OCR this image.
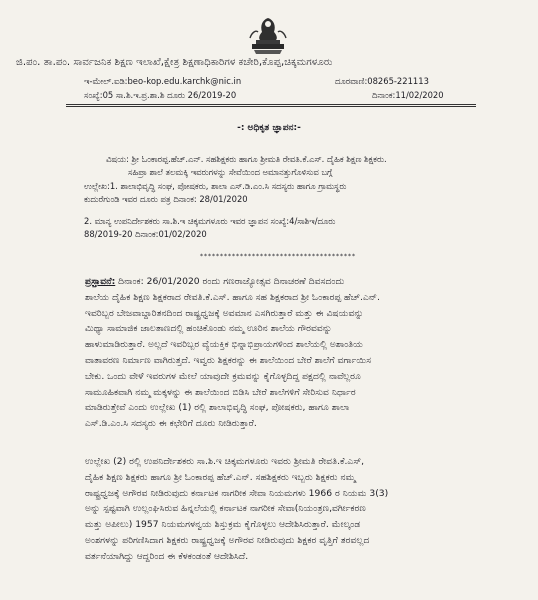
ಜಿ.ಪಂ. ತಾ.ಪಂ. ಸಾರ್ವಜನಿಕ ಶಿಕ್ಷಣ ಇಲಾಖೆ,ಕ್ಷೇತ್ರ ಶಿಕ್ಷಣಾಧಿಕಾರಿಗಳ ಕಚೇರಿ,ಕೊಪ್ಪ,ಚಿಕ್ಕಮಗಳೂರು
ಇ-ಮೇಲ್.ಐಡಿ:beo-kop.edu.karchk@nic.in	ದೂರವಾಣಿ:08265-221113
ಸಂಖ್ಯೆ:05 ಸಾ.ಶಿ.ಇ.ಪ್ರ.ಶಾ.ಶಿ ದೂರು 26/2019-20	ದಿನಾಂಕ:11/02/2020
-: ಅಧಿಕೃತ ಜ್ಞಾಪನ:-
ವಿಷಯ: ಶ್ರೀ ಓಂಕಾರಪ್ಪ.ಹೆಚ್.ಎನ್. ಸಹಶಿಕ್ಷಕರು ಹಾಗೂ ಶ್ರೀಮತಿ ರೇವತಿ.ಕೆ.ಎಸ್. ದೈಹಿಕ ಶಿಕ್ಷಣ ಶಿಕ್ಷಕರು.
ಸಹಿಪ್ರಾ ಶಾಲೆ ತಲಮಕ್ಕಿ ಇವರುಗಳನ್ನು ಸೇವೆಯಿಂದ ಅಮಾನತ್ತುಗೊಳಿಸುವ ಬಗ್ಗೆ
ಉಲ್ಲೇಖ:1. ಶಾಲಾಭಿವೃದ್ಧಿ ಸಂಘ, ಪೋಷಕರು, ಶಾಲಾ ಎಸ್.ಡಿ.ಎಂ.ಸಿ ಸದಸ್ಯರು ಹಾಗೂ ಗ್ರಾಮಸ್ಥರು
ಕುದುರೆಗುಂಡಿ ಇವರ ದೂರು ಪತ್ರ ದಿನಾಂಕ: 28/01/2020
2. ಮಾನ್ಯ ಉಪನಿರ್ದೇಶಕರು ಸಾ.ಶಿ.ಇ ಚಿಕ್ಕಮಗಳೂರು ಇವರ ಜ್ಞಾಪನ ಸಂಖ್ಯೆ:4/ಸಾಶಿಇ/ದೂರು
88/2019-20 ದಿನಾಂಕ:01/02/2020
***************************************
ಪ್ರಸ್ತಾವನೆ: ದಿನಾಂಕ: 26/01/2020 ರಂದು ಗಣರಾಜ್ಯೋತ್ಸವ ದಿನಾಚರಣೆ ದಿವಸದಂದು
ಶಾಲೆಯ ದೈಹಿಕ ಶಿಕ್ಷಣ ಶಿಕ್ಷಕರಾದ ರೇವತಿ.ಕೆ.ಎಸ್. ಹಾಗೂ ಸಹ ಶಿಕ್ಷಕರಾದ ಶ್ರೀ ಓಂಕಾರಪ್ಪ ಹೆಚ್.ಎನ್.
ಇವರಿಬ್ಬರ ಬೇಜವಾಬ್ದಾರಿತನದಿಂದ ರಾಷ್ಟ್ರಧ್ವಜಕ್ಕೆ ಅವಮಾನ ಎಸಗಿರುತ್ತಾರೆ ಮತ್ತು ಈ ವಿಷಯವನ್ನು
ಮಿಥ್ಯಾ ಸಾಮಾಜಿಕ ಜಾಲತಾಣದಲ್ಲಿ ಹಂಚಿಕೊಂಡು ನಮ್ಮ ಊರಿನ ಶಾಲೆಯ ಗೌರವವನ್ನು
ಹಾಳುಮಾಡಿರುತ್ತಾರೆ. ಅಲ್ಲದೆ ಇವರಿಬ್ಬರ ವ್ಯೆಯಕ್ತಿಕ ಭಿನ್ನಾಭಿಪ್ರಾಯಗಳಿಂದ ಶಾಲೆಯಲ್ಲಿ ಅಶಾಂತಿಯ
ವಾತಾವರಣ ನಿರ್ಮಾಣ ವಾಗಿರುತ್ತದೆ. ಇವ್ವರು ಶಿಕ್ಷಕರನ್ನು ಈ ಶಾಲೆಯಿಂದ ಬೇರೆ ಶಾಲೆಗೆ ವರ್ಗಾಯಿಸ
ಬೇಕು. ಒಂದು ವೇಳೆ ಇವರುಗಳ ಮೇಲೆ ಯಾವುದೇ ಕ್ರಮವನ್ನು ಕೈಗೊಳ್ಳದಿದ್ದ ಪಕ್ಷದಲ್ಲಿ ನಾವೆಲ್ಲರೂ
ಸಾಮೂಹಿಕವಾಗಿ ನಮ್ಮ ಮಕ್ಕಳನ್ನು ಈ ಶಾಲೆಯಿಂದ ಬಿಡಿಸಿ ಬೇರೆ ಶಾಲೆಗಳಿಗೆ ಸೇರಿಸುವ ನಿರ್ಧಾರ
ಮಾಡಿರುತ್ತೇವೆ ಎಂದು ಉಲ್ಲೇಖ (1) ರಲ್ಲಿ ಶಾಲಾಭಿವೃದ್ಧಿ ಸಂಘ, ಪೋಷಕರು, ಹಾಗೂ ಶಾಲಾ
ಎಸ್.ಡಿ.ಎಂ.ಸಿ ಸದಸ್ಯರು ಈ ಕಛೇರಿಗೆ ದೂರು ನೀಡಿರುತ್ತಾರೆ.
ಉಲ್ಲೇಖ (2) ರಲ್ಲಿ ಉಪನಿರ್ದೇಶಕರು ಸಾ.ಶಿ.ಇ ಚಿಕ್ಕಮಗಳೂರು ಇವರು ಶ್ರೀಮತಿ ರೇವತಿ.ಕೆ.ಎಸ್,
ದೈಹಿಕ ಶಿಕ್ಷಣ ಶಿಕ್ಷಕರು ಹಾಗೂ ಶ್ರೀ ಓಂಕಾರಪ್ಪ ಹೆಚ್.ಎನ್. ಸಹಶಿಕ್ಷಕರು ಇಬ್ಬರು ಶಿಕ್ಷಕರು ನಮ್ಮ
ರಾಷ್ಟ್ರಧ್ವಜಕ್ಕೆ ಅಗೌರವ ನೀಡಿರುವುದು ಕರ್ನಾಟಕ ನಾಗರೀಕ ಸೇವಾ ನಿಯಮಗಳು 1966 ರ ನಿಯಮ 3(3)
ಅನ್ನು ಸ್ಪಷ್ಟವಾಗಿ ಉಲ್ಲಂಘಿಸಿರುವ ಹಿನ್ನಲೆಯಲ್ಲಿ ಕರ್ನಾಟಕ ನಾಗರೀಕ ಸೇವಾ(ನಿಯಂತ್ರಣ,ವರ್ಗೀಕರಣ
ಮತ್ತು ಅಪೀಲು) 1957 ನಿಯಮಗಳನ್ವಯ ಶಿಸ್ತುಕ್ರಮ ಕೈಗೊಳ್ಳಲು ಆದೇಶಿಸಿರುತ್ತಾರೆ. ಮೇಲ್ಕಂಡ
ಅಂಶಗಳನ್ನು ಪರಿಗಣಿಸಿದಾಗ ಶಿಕ್ಷಕರು ರಾಷ್ಟ್ರಧ್ವಜಕ್ಕೆ ಅಗೌರವ ನೀಡಿರುವುದು ಶಿಕ್ಷಕರ ವೃತ್ತಿಗೆ ತರವಲ್ಲದ
ವರ್ತನೆಯಾಗಿದ್ದು ಆದ್ದರಿಂದ ಈ ಕೆಳಕಂಡಂತೆ ಆದೇಶಿಸಿದೆ.
